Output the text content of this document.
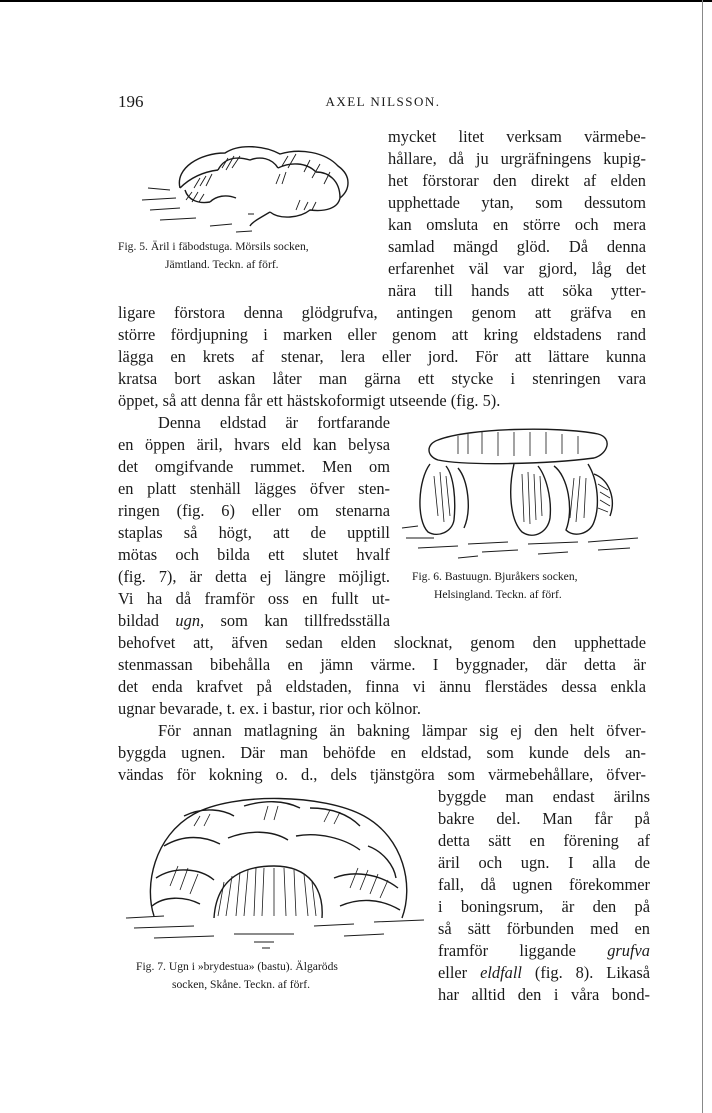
196	AXEL NILSSON.
Fig. 5. Äril i fäbodstuga. Mörsils socken,
Jämtland. Teckn. af förf.
mycket litet verksam värmebe-
hållare, då ju urgräfningens kupig-
het förstorar den direkt af elden
upphettade ytan, som dessutom
kan omsluta en större och mera
samlad mängd glöd. Då denna
erfarenhet väl var gjord, låg det
nära till hands att söka ytter-
ligare förstora denna glödgrufva, antingen genom att gräfva en
större fördjupning i marken eller genom att kring eldstadens rand
lägga en krets af stenar, lera eller jord. För att lättare kunna
kratsa bort askan låter man gärna ett stycke i stenringen vara
öppet, så att denna får ett hästskoformigt utseende (fig. 5).
Denna eldstad är fortfarande
en öppen äril, hvars eld kan belysa
det omgifvande rummet. Men om
en platt stenhäll lägges öfver sten-
ringen (fig. 6) eller om stenarna
staplas så högt, att de upptill
mötas och bilda ett slutet hvalf
(fig. 7), är detta ej längre möjligt.
Vi ha då framför oss en fullt ut-
bildad ugn, som kan tillfredsställa
Fig. 6. Bastuugn. Bjuråkers socken,
Helsingland. Teckn. af förf.
behofvet att, äfven sedan elden slocknat, genom den upphettade
stenmassan bibehålla en jämn värme. I byggnader, där detta är
det enda krafvet på eldstaden, finna vi ännu flerstädes dessa enkla
ugnar bevarade, t. ex. i bastur, rior och kölnor.
För annan matlagning än bakning lämpar sig ej den helt öfver-
byggda ugnen. Där man behöfde en eldstad, som kunde dels an-
vändas för kokning o. d., dels tjänstgöra som värmebehållare, öfver-
Fig. 7. Ugn i »brydestua» (bastu). Älgaröds
socken, Skåne. Teckn. af förf.
byggde man endast ärilns
bakre del. Man får på
detta sätt en förening af
äril och ugn. I alla de
fall, då ugnen förekommer
i boningsrum, är den på
så sätt förbunden med en
framför liggande grufva
eller eldfall (fig. 8). Likaså
har alltid den i våra bond-
